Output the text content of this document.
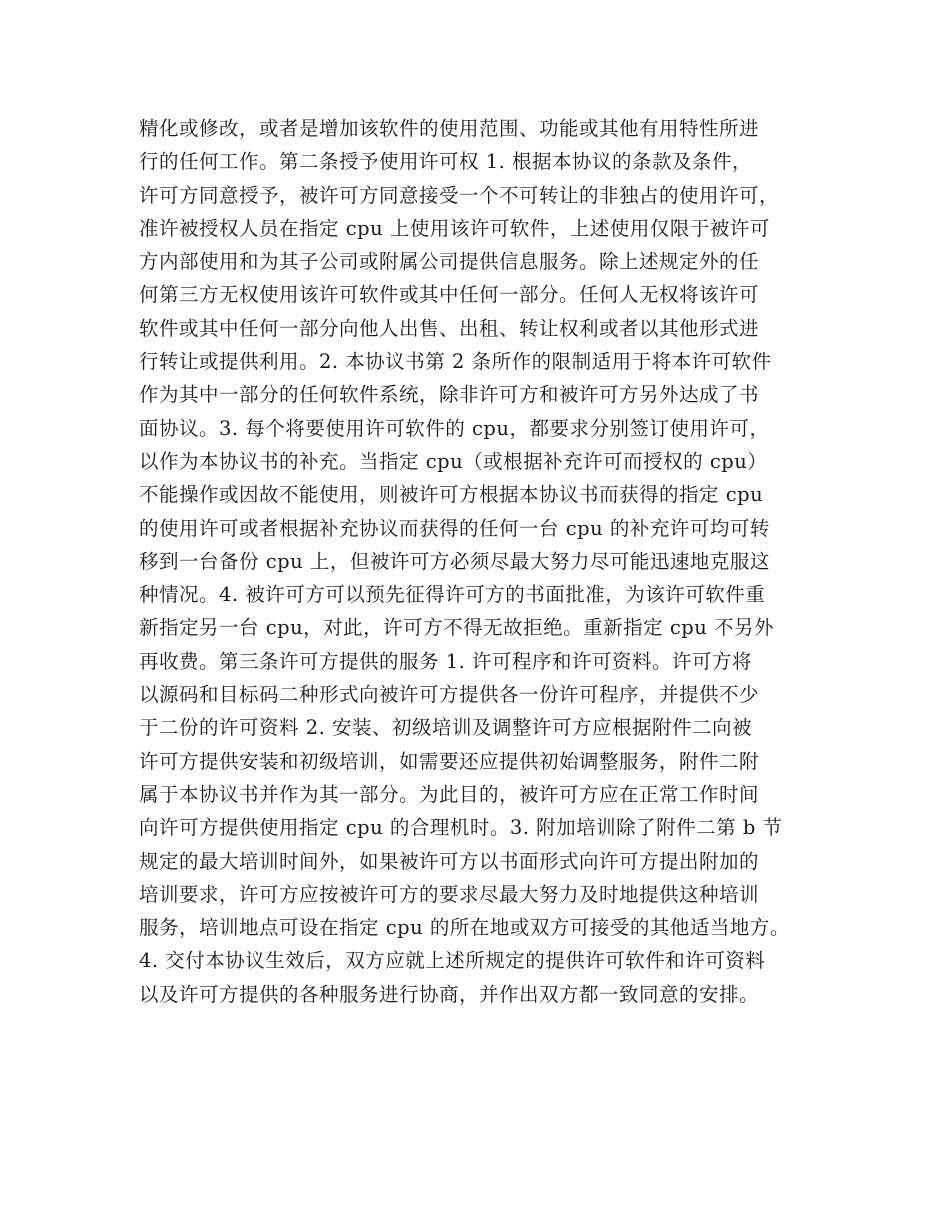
精化或修改，或者是增加该软件的使用范围、功能或其他有用特性所进
行的任何工作。第二条授予使用许可权 1. 根据本协议的条款及条件，
许可方同意授予，被许可方同意接受一个不可转让的非独占的使用许可，
准许被授权人员在指定 cpu 上使用该许可软件，上述使用仅限于被许可
方内部使用和为其子公司或附属公司提供信息服务。除上述规定外的任
何第三方无权使用该许可软件或其中任何一部分。任何人无权将该许可
软件或其中任何一部分向他人出售、出租、转让权利或者以其他形式进
行转让或提供利用。2. 本协议书第 2 条所作的限制适用于将本许可软件
作为其中一部分的任何软件系统，除非许可方和被许可方另外达成了书
面协议。3. 每个将要使用许可软件的 cpu，都要求分别签订使用许可，
以作为本协议书的补充。当指定 cpu（或根据补充许可而授权的 cpu）
不能操作或因故不能使用，则被许可方根据本协议书而获得的指定 cpu
的使用许可或者根据补充协议而获得的任何一台 cpu 的补充许可均可转
移到一台备份 cpu 上，但被许可方必须尽最大努力尽可能迅速地克服这
种情况。4. 被许可方可以预先征得许可方的书面批准，为该许可软件重
新指定另一台 cpu，对此，许可方不得无故拒绝。重新指定 cpu 不另外
再收费。第三条许可方提供的服务 1. 许可程序和许可资料。许可方将
以源码和目标码二种形式向被许可方提供各一份许可程序，并提供不少
于二份的许可资料 2. 安装、初级培训及调整许可方应根据附件二向被
许可方提供安装和初级培训，如需要还应提供初始调整服务，附件二附
属于本协议书并作为其一部分。为此目的，被许可方应在正常工作时间
向许可方提供使用指定 cpu 的合理机时。3. 附加培训除了附件二第 b 节
规定的最大培训时间外，如果被许可方以书面形式向许可方提出附加的
培训要求，许可方应按被许可方的要求尽最大努力及时地提供这种培训
服务，培训地点可设在指定 cpu 的所在地或双方可接受的其他适当地方。
4. 交付本协议生效后，双方应就上述所规定的提供许可软件和许可资料
以及许可方提供的各种服务进行协商，并作出双方都一致同意的安排。
